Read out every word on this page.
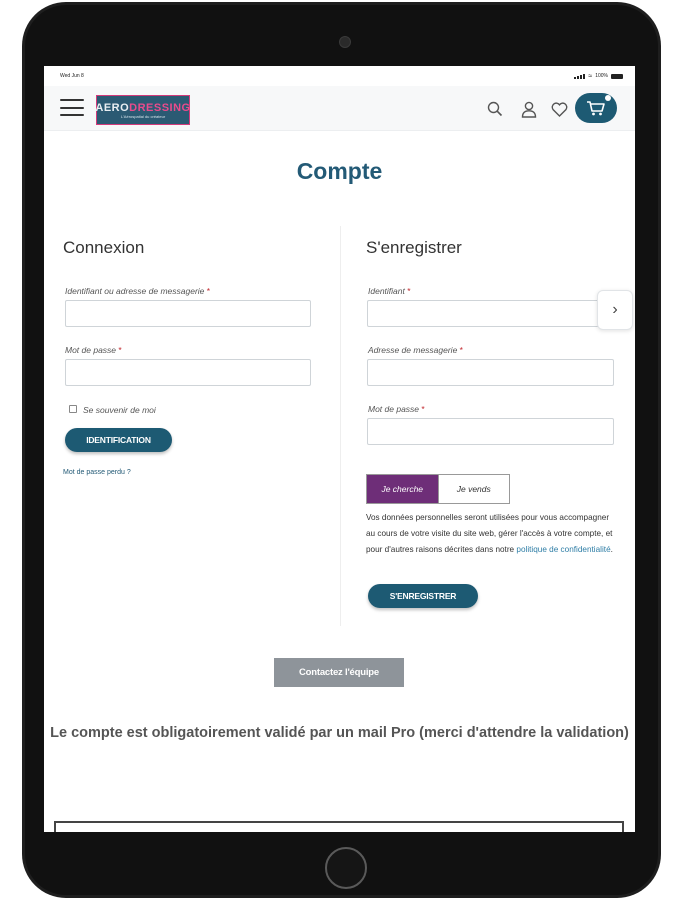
Wed Jun 8	≈ 100%
AERODRESSING
L'Aérospatial du créateur
Compte
Connexion
Identifiant ou adresse de messagerie *
Mot de passe *
Se souvenir de moi
IDENTIFICATION
Mot de passe perdu ?
S'enregistrer
Identifiant *
›
Adresse de messagerie *
Mot de passe *
Je cherche	Je vends
Vos données personnelles seront utilisées pour vous accompagner au cours de votre visite du site web, gérer l'accès à votre compte, et pour d'autres raisons décrites dans notre politique de confidentialité.
S'ENREGISTRER
Contactez l'équipe
Le compte est obligatoirement validé par un mail Pro (merci d'attendre la validation)
